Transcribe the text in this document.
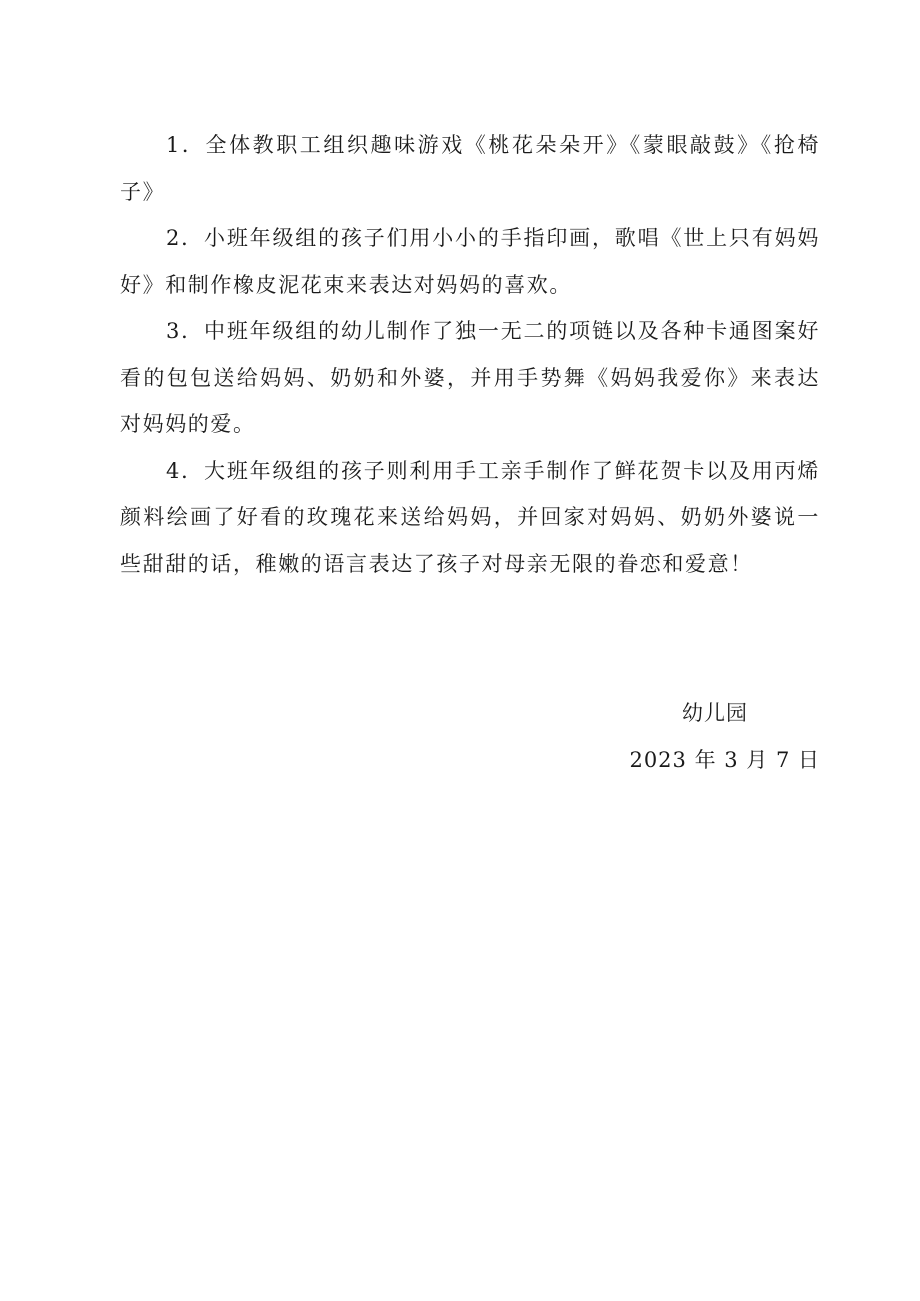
1．全体教职工组织趣味游戏《桃花朵朵开》《蒙眼敲鼓》《抢椅子》

2．小班年级组的孩子们用小小的手指印画，歌唱《世上只有妈妈好》和制作橡皮泥花束来表达对妈妈的喜欢。

3．中班年级组的幼儿制作了独一无二的项链以及各种卡通图案好看的包包送给妈妈、奶奶和外婆，并用手势舞《妈妈我爱你》来表达对妈妈的爱。

4．大班年级组的孩子则利用手工亲手制作了鲜花贺卡以及用丙烯颜料绘画了好看的玫瑰花来送给妈妈，并回家对妈妈、奶奶外婆说一些甜甜的话，稚嫩的语言表达了孩子对母亲无限的眷恋和爱意！

幼儿园
2023 年 3 月 7 日
